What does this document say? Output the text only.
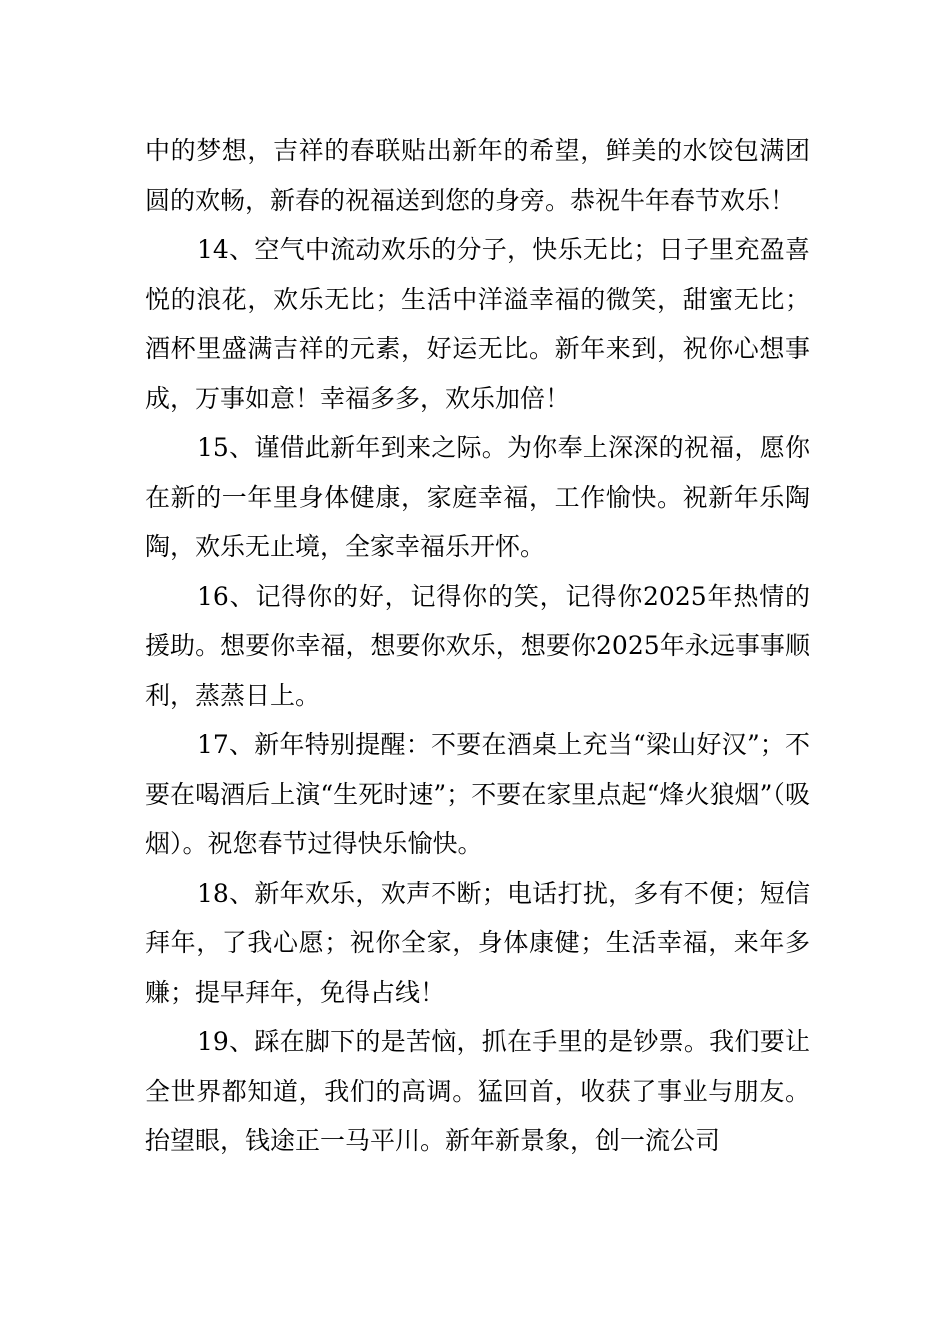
中的梦想，吉祥的春联贴出新年的希望，鲜美的水饺包满团圆的欢畅，新春的祝福送到您的身旁。恭祝牛年春节欢乐！

14、空气中流动欢乐的分子，快乐无比；日子里充盈喜悦的浪花，欢乐无比；生活中洋溢幸福的微笑，甜蜜无比；酒杯里盛满吉祥的元素，好运无比。新年来到，祝你心想事成，万事如意！幸福多多，欢乐加倍！

15、谨借此新年到来之际。为你奉上深深的祝福，愿你在新的一年里身体健康，家庭幸福，工作愉快。祝新年乐陶陶，欢乐无止境，全家幸福乐开怀。

16、记得你的好，记得你的笑，记得你2025年热情的援助。想要你幸福，想要你欢乐，想要你2025年永远事事顺利，蒸蒸日上。

17、新年特别提醒：不要在酒桌上充当“梁山好汉”；不要在喝酒后上演“生死时速”；不要在家里点起“烽火狼烟”（吸烟）。祝您春节过得快乐愉快。

18、新年欢乐，欢声不断；电话打扰，多有不便；短信拜年，了我心愿；祝你全家，身体康健；生活幸福，来年多赚；提早拜年，免得占线！

19、踩在脚下的是苦恼，抓在手里的是钞票。我们要让全世界都知道，我们的高调。猛回首，收获了事业与朋友。抬望眼，钱途正一马平川。新年新景象，创一流公司
